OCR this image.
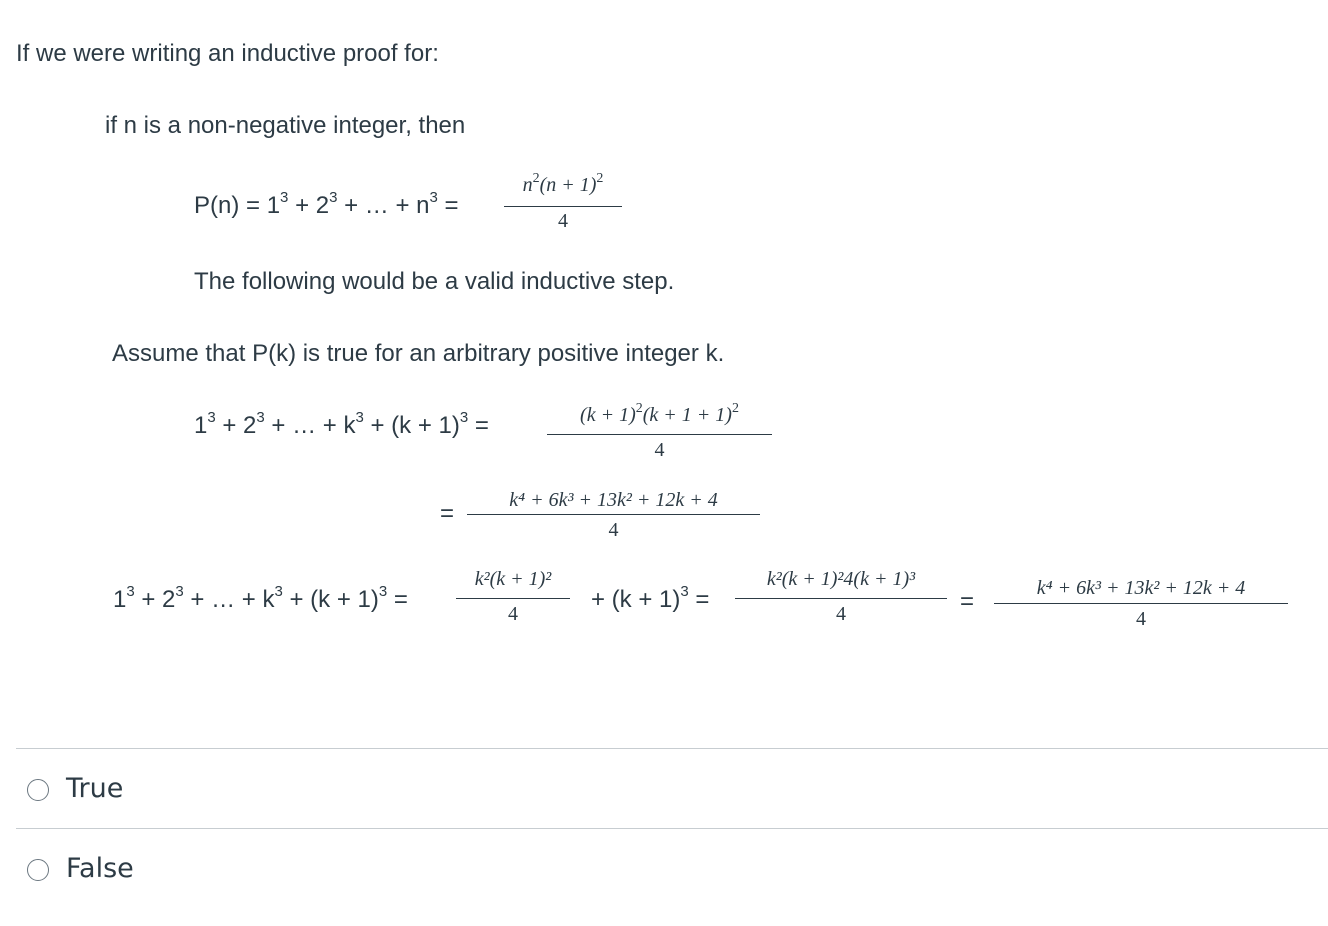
If we were writing an inductive proof for:
if n is a non-negative integer, then
$P(n) = 1^3 + 2^3$ + … + $n^3$ =
$n^2(n + 1)^2$
4
The following would be a valid inductive step.
Assume that P(k) is true for an arbitrary positive integer k.
$1^3 + 2^3$ + … + $k^3 + (k + 1)^3$ =	$(k + 1)^2(k + 1 + 1)^2$
4
=	k⁴ + 6k³ + 13k² + 12k + 4
4
$1^3 + 2^3$ + … + $k^3 + (k + 1)^3$ =
k²(k + 1)²
4
+ $(k + 1)^3$ =
k²(k + 1)²4(k + 1)³
4	=	k⁴ + 6k³ + 13k² + 12k + 4
4
True
False
